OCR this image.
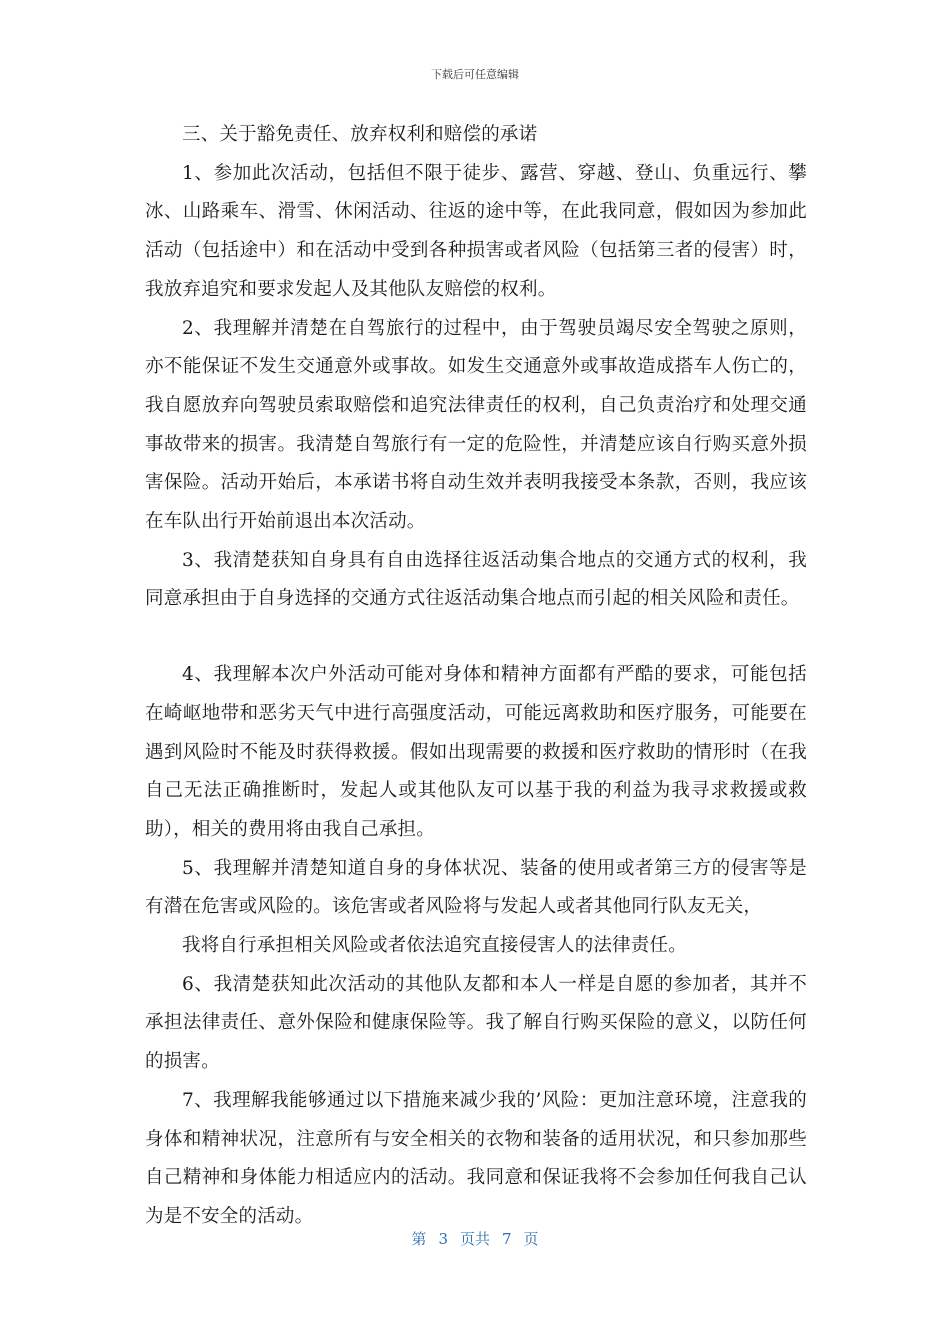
下载后可任意编辑

三、关于豁免责任、放弃权利和赔偿的承诺

1、参加此次活动，包括但不限于徒步、露营、穿越、登山、负重远行、攀冰、山路乘车、滑雪、休闲活动、往返的途中等，在此我同意，假如因为参加此活动（包括途中）和在活动中受到各种损害或者风险（包括第三者的侵害）时，我放弃追究和要求发起人及其他队友赔偿的权利。

2、我理解并清楚在自驾旅行的过程中，由于驾驶员竭尽安全驾驶之原则，亦不能保证不发生交通意外或事故。如发生交通意外或事故造成搭车人伤亡的，我自愿放弃向驾驶员索取赔偿和追究法律责任的权利，自己负责治疗和处理交通事故带来的损害。我清楚自驾旅行有一定的危险性，并清楚应该自行购买意外损害保险。活动开始后，本承诺书将自动生效并表明我接受本条款，否则，我应该在车队出行开始前退出本次活动。

3、我清楚获知自身具有自由选择往返活动集合地点的交通方式的权利，我同意承担由于自身选择的交通方式往返活动集合地点而引起的相关风险和责任。

4、我理解本次户外活动可能对身体和精神方面都有严酷的要求，可能包括在崎岖地带和恶劣天气中进行高强度活动，可能远离救助和医疗服务，可能要在遇到风险时不能及时获得救援。假如出现需要的救援和医疗救助的情形时（在我自己无法正确推断时，发起人或其他队友可以基于我的利益为我寻求救援或救助），相关的费用将由我自己承担。

5、我理解并清楚知道自身的身体状况、装备的使用或者第三方的侵害等是有潜在危害或风险的。该危害或者风险将与发起人或者其他同行队友无关，

我将自行承担相关风险或者依法追究直接侵害人的法律责任。

6、我清楚获知此次活动的其他队友都和本人一样是自愿的参加者，其并不承担法律责任、意外保险和健康保险等。我了解自行购买保险的意义，以防任何的损害。

7、我理解我能够通过以下措施来减少我的’风险：更加注意环境，注意我的身体和精神状况，注意所有与安全相关的衣物和装备的适用状况，和只参加那些自己精神和身体能力相适应内的活动。我同意和保证我将不会参加任何我自己认为是不安全的活动。

第 3 页共 7 页
